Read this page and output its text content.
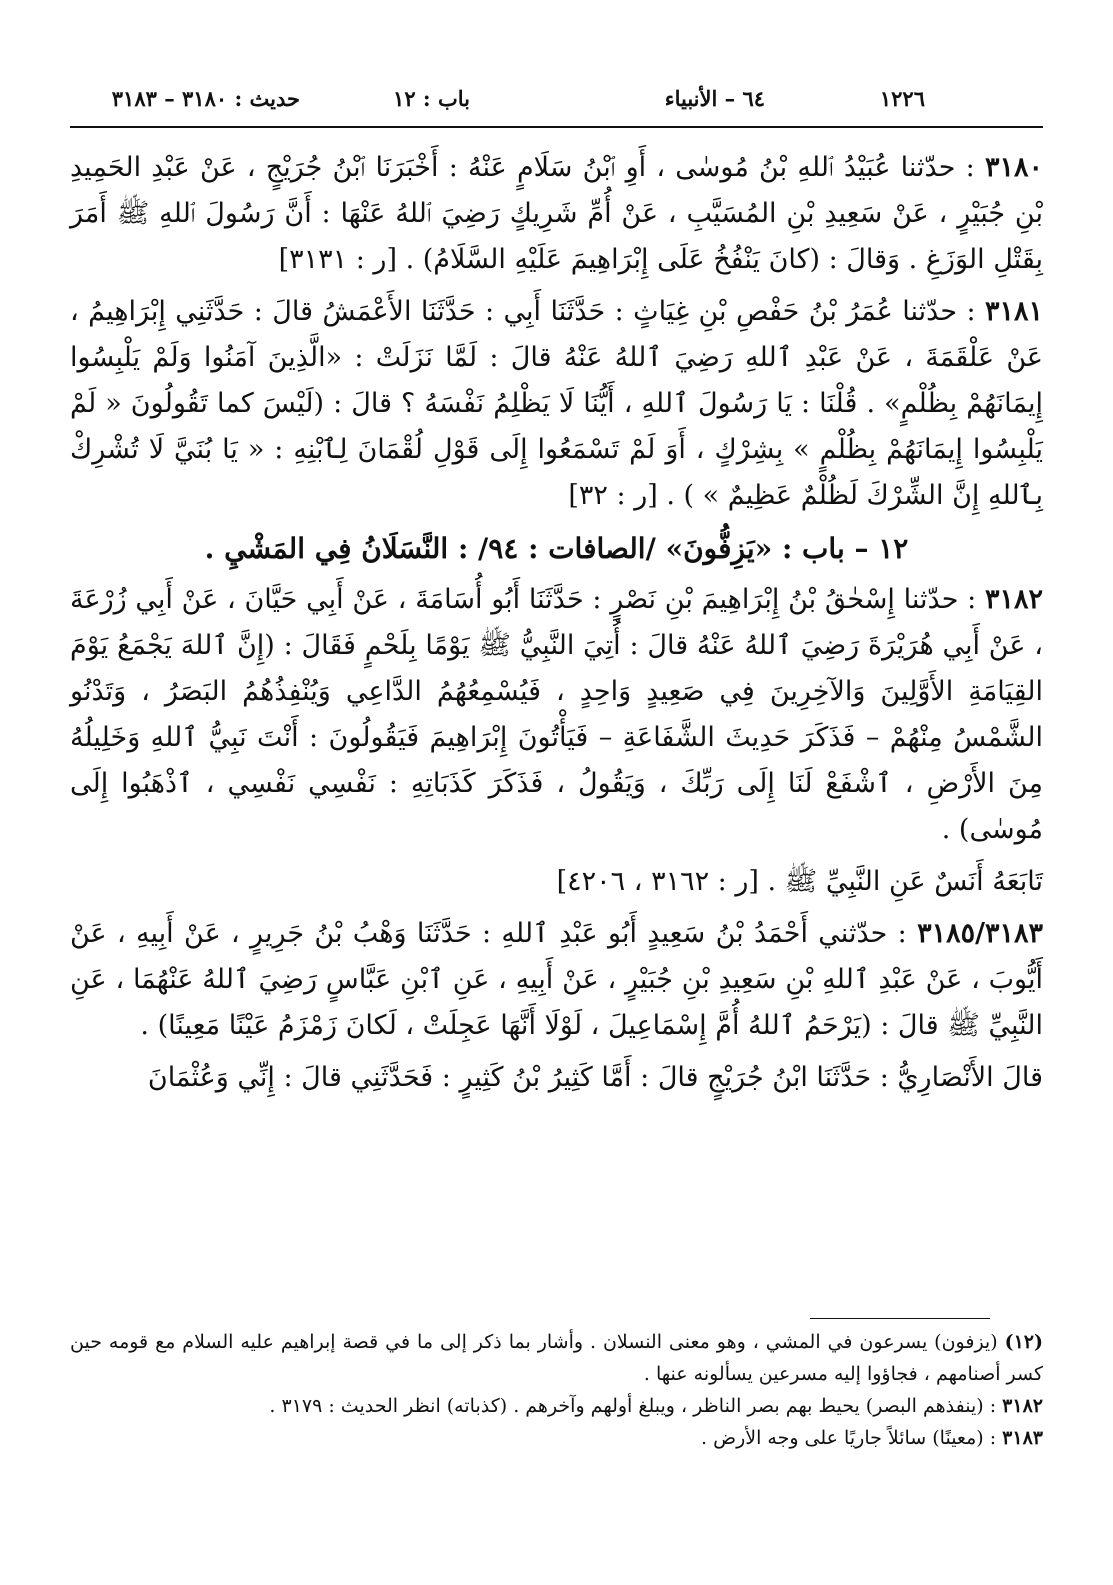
١٢٢٦
٦٤ – الأنبياء
باب : ١٢
حديث : ٣١٨٠ – ٣١٨٣

٣١٨٠ : حدّثنا عُبَيْدُ ٱللهِ بْنُ مُوسٰى ، أَوِ ٱبْنُ سَلَامٍ عَنْهُ : أَخْبَرَنَا ٱبْنُ جُرَيْجٍ ، عَنْ عَبْدِ الحَمِيدِ بْنِ جُبَيْرٍ ، عَنْ سَعِيدِ بْنِ المُسَيَّبِ ، عَنْ أُمِّ شَرِيكٍ رَضِيَ ٱللهُ عَنْهَا : أَنَّ رَسُولَ ٱللهِ ﷺ أَمَرَ بِقَتْلِ الوَزَغِ . وَقالَ : (كانَ يَنْفُخُ عَلَى إِبْرَاهِيمَ عَلَيْهِ السَّلَامُ) . [ر : ٣١٣١]

٣١٨١ : حدّثنا عُمَرُ بْنُ حَفْصِ بْنِ غِيَاثٍ : حَدَّثَنَا أَبِي : حَدَّثَنَا الأَعْمَشُ قالَ : حَدَّثَنِي إِبْرَاهِيمُ ، عَنْ عَلْقَمَةَ ، عَنْ عَبْدِ ٱللهِ رَضِيَ ٱللهُ عَنْهُ قالَ : لَمَّا نَزَلَتْ : «الَّذِينَ آمَنُوا وَلَمْ يَلْبِسُوا إِيمَانَهُمْ بِظُلْمٍ» . قُلْنَا : يَا رَسُولَ ٱللهِ ، أَيُّنَا لَا يَظْلِمُ نَفْسَهُ ؟ قالَ : (لَيْسَ كما تَقُولُونَ « لَمْ يَلْبِسُوا إِيمَانَهُمْ بِظُلْمٍ » بِشِرْكٍ ، أَوَ لَمْ تَسْمَعُوا إِلَى قَوْلِ لُقْمَانَ لِٱبْنِهِ : « يَا بُنَيَّ لَا تُشْرِكْ بِٱللهِ إِنَّ الشِّرْكَ لَظُلْمٌ عَظِيمٌ » ) . [ر : ٣٢]

١٢ – باب : «يَزِفُّونَ» /الصافات : ٩٤/ : النَّسَلَانُ فِي المَشْيِ .

٣١٨٢ : حدّثنا إِسْحٰقُ بْنُ إِبْرَاهِيمَ بْنِ نَصْرٍ : حَدَّثَنَا أَبُو أُسَامَةَ ، عَنْ أَبِي حَيَّانَ ، عَنْ أَبِي زُرْعَةَ ، عَنْ أَبِي هُرَيْرَةَ رَضِيَ ٱللهُ عَنْهُ قالَ : أُتِيَ النَّبِيُّ ﷺ يَوْمًا بِلَحْمٍ فَقَالَ : (إِنَّ ٱللهَ يَجْمَعُ يَوْمَ القِيَامَةِ الأَوَّلِينَ وَالآخِرِينَ فِي صَعِيدٍ وَاحِدٍ ، فَيُسْمِعُهُمُ الدَّاعِي وَيُنْفِذُهُمُ البَصَرُ ، وَتَدْنُو الشَّمْسُ مِنْهُمْ – فَذَكَرَ حَدِيثَ الشَّفَاعَةِ – فَيَأْتُونَ إِبْرَاهِيمَ فَيَقُولُونَ : أَنْتَ نَبِيُّ ٱللهِ وَخَلِيلُهُ مِنَ الأَرْضِ ، ٱشْفَعْ لَنَا إِلَى رَبِّكَ ، وَيَقُولُ ، فَذَكَرَ كَذَبَاتِهِ : نَفْسِي نَفْسِي ، ٱذْهَبُوا إِلَى مُوسٰى) .

تَابَعَهُ أَنَسٌ عَنِ النَّبِيِّ ﷺ . [ر : ٣١٦٢ ، ٤٢٠٦]

٣١٨٥/٣١٨٣ : حدّثني أَحْمَدُ بْنُ سَعِيدٍ أَبُو عَبْدِ ٱللهِ : حَدَّثَنَا وَهْبُ بْنُ جَرِيرٍ ، عَنْ أَبِيهِ ، عَنْ أَيُّوبَ ، عَنْ عَبْدِ ٱللهِ بْنِ سَعِيدِ بْنِ جُبَيْرٍ ، عَنْ أَبِيهِ ، عَنِ ٱبْنِ عَبَّاسٍ رَضِيَ ٱللهُ عَنْهُمَا ، عَنِ النَّبِيِّ ﷺ قالَ : (يَرْحَمُ ٱللهُ أُمَّ إِسْمَاعِيلَ ، لَوْلَا أَنَّهَا عَجِلَتْ ، لَكانَ زَمْزَمُ عَيْنًا مَعِينًا) .

قالَ الأَنْصَارِيُّ : حَدَّثَنَا ابْنُ جُرَيْجٍ قالَ : أَمَّا كَثِيرُ بْنُ كَثِيرٍ : فَحَدَّثَنِي قالَ : إِنِّي وَعُثْمَانَ

(١٢) (يزفون) يسرعون في المشي ، وهو معنى النسلان . وأشار بما ذكر إلى ما في قصة إبراهيم عليه السلام مع قومه حين كسر أصنامهم ، فجاؤوا إليه مسرعين يسألونه عنها .

٣١٨٢ : (ينفذهم البصر) يحيط بهم بصر الناظر ، ويبلغ أولهم وآخرهم . (كذباته) انظر الحديث : ٣١٧٩ .

٣١٨٣ : (معينًا) سائلاً جاريًا على وجه الأرض .
